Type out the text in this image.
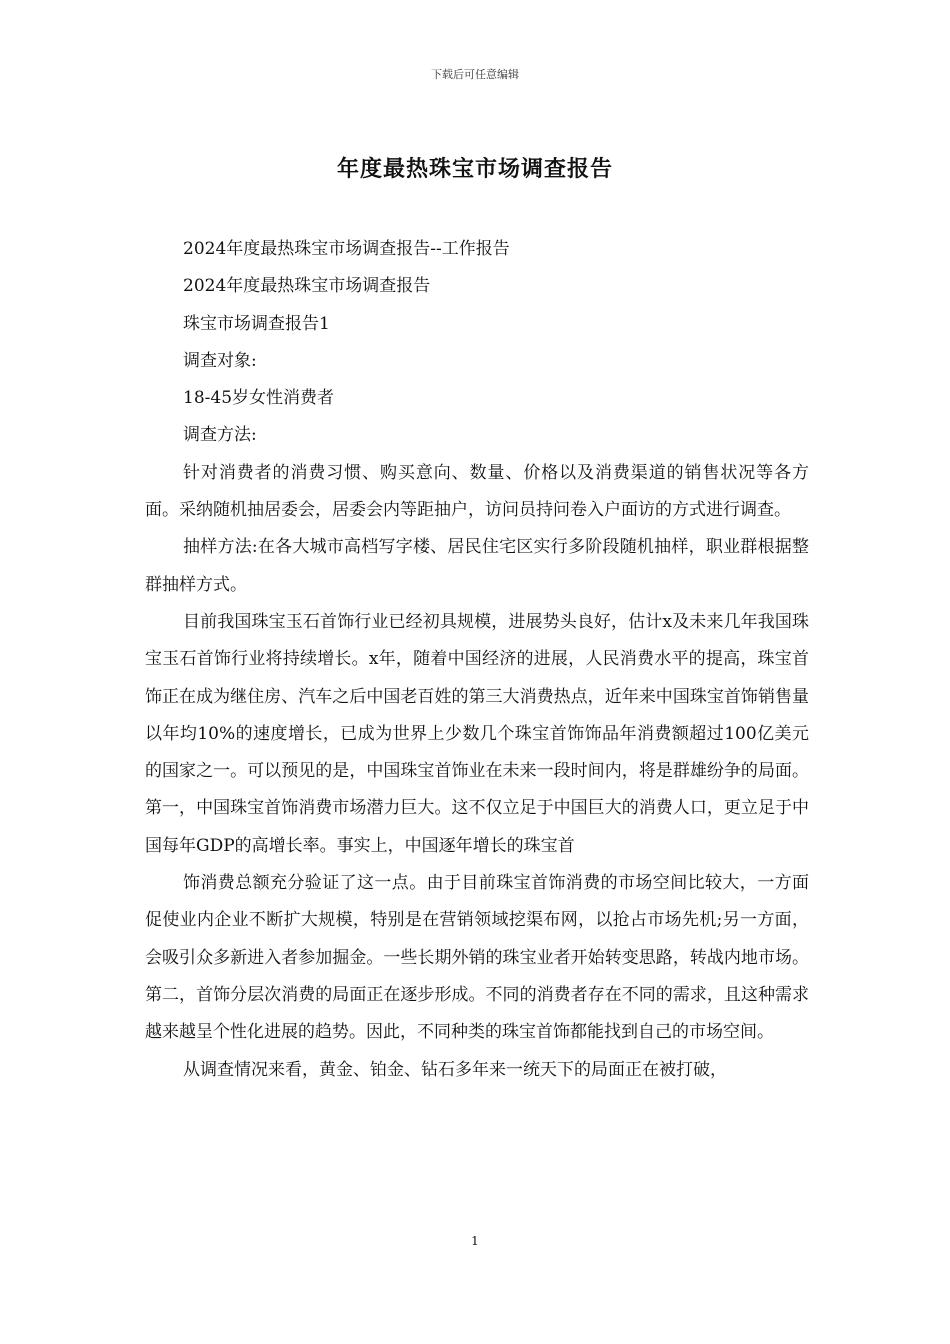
下载后可任意编辑
年度最热珠宝市场调查报告

2024年度最热珠宝市场调查报告--工作报告

2024年度最热珠宝市场调查报告

珠宝市场调查报告1

调查对象:

18-45岁女性消费者

调查方法:

针对消费者的消费习惯、购买意向、数量、价格以及消费渠道的销售状况等各方面。采纳随机抽居委会，居委会内等距抽户，访问员持问卷入户面访的方式进行调查。

抽样方法:在各大城市高档写字楼、居民住宅区实行多阶段随机抽样，职业群根据整群抽样方式。

目前我国珠宝玉石首饰行业已经初具规模，进展势头良好，估计x及未来几年我国珠宝玉石首饰行业将持续增长。x年，随着中国经济的进展，人民消费水平的提高，珠宝首饰正在成为继住房、汽车之后中国老百姓的第三大消费热点，近年来中国珠宝首饰销售量以年均10%的速度增长，已成为世界上少数几个珠宝首饰饰品年消费额超过100亿美元的国家之一。可以预见的是，中国珠宝首饰业在未来一段时间内，将是群雄纷争的局面。第一，中国珠宝首饰消费市场潜力巨大。这不仅立足于中国巨大的消费人口，更立足于中国每年GDP的高增长率。事实上，中国逐年增长的珠宝首

饰消费总额充分验证了这一点。由于目前珠宝首饰消费的市场空间比较大，一方面促使业内企业不断扩大规模，特别是在营销领域挖渠布网，以抢占市场先机;另一方面，会吸引众多新进入者参加掘金。一些长期外销的珠宝业者开始转变思路，转战内地市场。第二，首饰分层次消费的局面正在逐步形成。不同的消费者存在不同的需求，且这种需求越来越呈个性化进展的趋势。因此，不同种类的珠宝首饰都能找到自己的市场空间。

从调查情况来看，黄金、铂金、钻石多年来一统天下的局面正在被打破，

1
